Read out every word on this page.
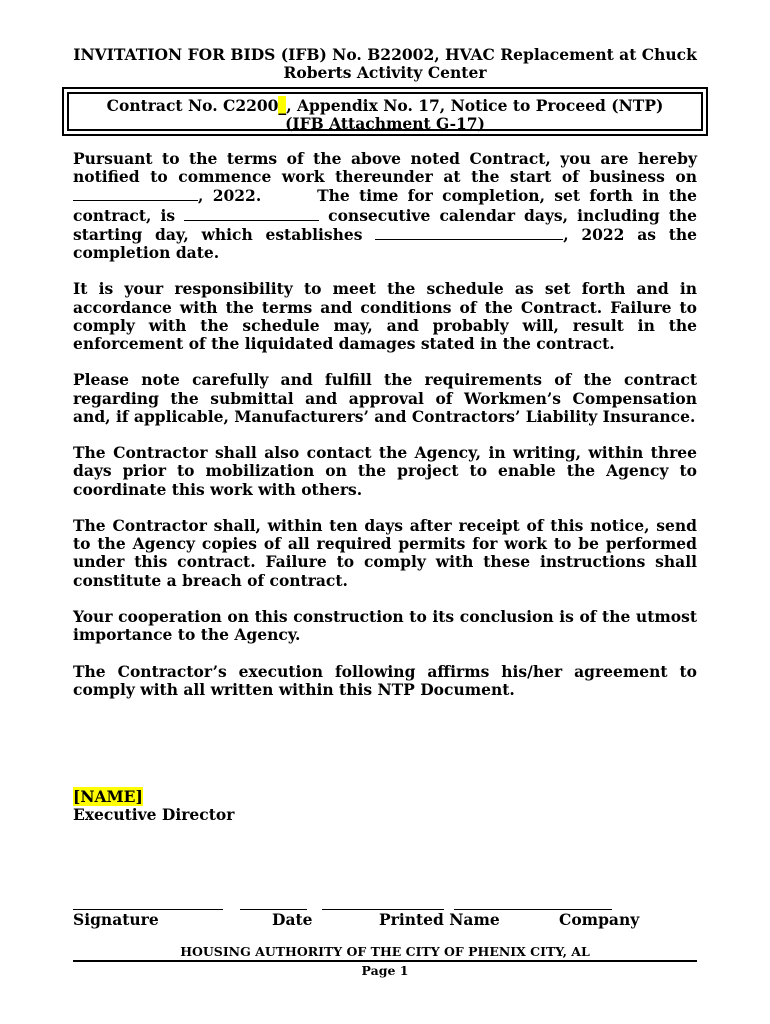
INVITATION FOR BIDS (IFB) No. B22002, HVAC Replacement at Chuck
Roberts Activity Center
Contract No. C2200_, Appendix No. 17, Notice to Proceed (NTP)
(IFB Attachment G-17)

Pursuant to the terms of the above noted Contract, you are hereby notified to commence work thereunder at the start of business on , 2022.	The time for completion, set forth in the contract, is	consecutive calendar days, including the starting day, which establishes	, 2022 as the completion date.

It is your responsibility to meet the schedule as set forth and in accordance with the terms and conditions of the Contract. Failure to comply with the schedule may, and probably will, result in the enforcement of the liquidated damages stated in the contract.

Please note carefully and fulfill the requirements of the contract regarding the submittal and approval of Workmen’s Compensation and, if applicable, Manufacturers’ and Contractors’ Liability Insurance.

The Contractor shall also contact the Agency, in writing, within three days prior to mobilization on the project to enable the Agency to coordinate this work with others.

The Contractor shall, within ten days after receipt of this notice, send to the Agency copies of all required permits for work to be performed under this contract. Failure to comply with these instructions shall constitute a breach of contract.

Your cooperation on this construction to its conclusion is of the utmost importance to the Agency.

The Contractor’s execution following affirms his/her agreement to comply with all written within this NTP Document.

[NAME]
Executive Director
Signature	Date	Printed Name	Company
HOUSING AUTHORITY OF THE CITY OF PHENIX CITY, AL
Page 1
